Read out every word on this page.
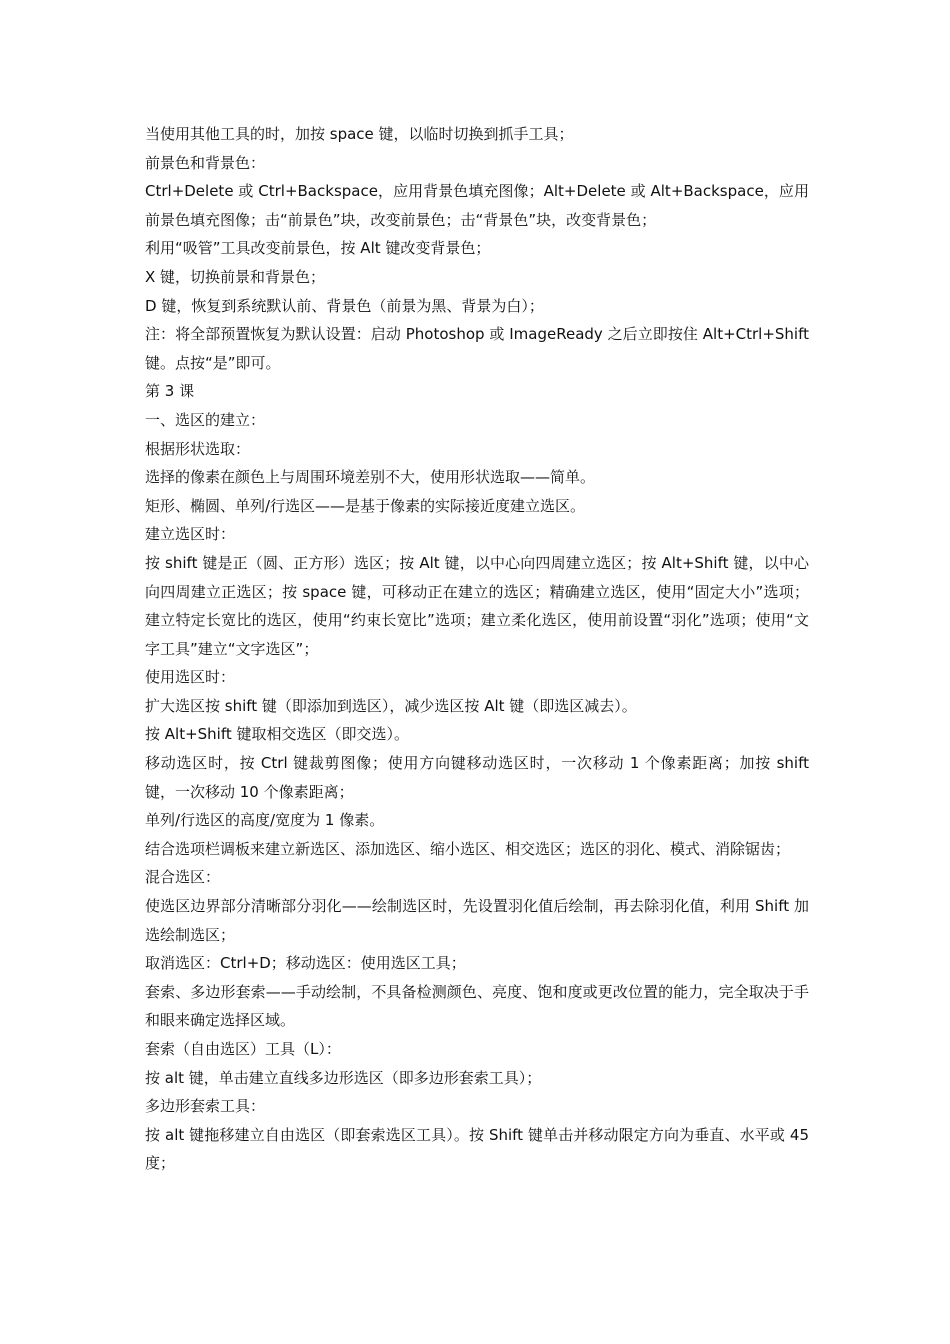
当使用其他工具的时，加按 space 键，以临时切换到抓手工具；

前景色和背景色：

Ctrl+Delete 或 Ctrl+Backspace，应用背景色填充图像；Alt+Delete 或 Alt+Backspace，应用前景色填充图像；击“前景色”块，改变前景色；击“背景色”块，改变背景色；

利用“吸管”工具改变前景色，按 Alt 键改变背景色；

X 键，切换前景和背景色；

D 键，恢复到系统默认前、背景色（前景为黑、背景为白）；

注：将全部预置恢复为默认设置：启动 Photoshop 或 ImageReady 之后立即按住 Alt+Ctrl+Shift 键。点按“是”即可。

第 3 课

一、选区的建立：

根据形状选取：

选择的像素在颜色上与周围环境差别不大，使用形状选取——简单。

矩形、椭圆、单列/行选区——是基于像素的实际接近度建立选区。

建立选区时：

按 shift 键是正（圆、正方形）选区；按 Alt 键，以中心向四周建立选区；按 Alt+Shift 键，以中心向四周建立正选区；按 space 键，可移动正在建立的选区；精确建立选区，使用“固定大小”选项；建立特定长宽比的选区，使用“约束长宽比”选项；建立柔化选区，使用前设置“羽化”选项；使用“文字工具”建立“文字选区”；

使用选区时：

扩大选区按 shift 键（即添加到选区），减少选区按 Alt 键（即选区减去）。

按 Alt+Shift 键取相交选区（即交选）。

移动选区时，按 Ctrl 键裁剪图像；使用方向键移动选区时，一次移动 1 个像素距离；加按 shift 键，一次移动 10 个像素距离；

单列/行选区的高度/宽度为 1 像素。

结合选项栏调板来建立新选区、添加选区、缩小选区、相交选区；选区的羽化、模式、消除锯齿；

混合选区：

使选区边界部分清晰部分羽化——绘制选区时，先设置羽化值后绘制，再去除羽化值，利用 Shift 加选绘制选区；

取消选区：Ctrl+D；移动选区：使用选区工具；

套索、多边形套索——手动绘制，不具备检测颜色、亮度、饱和度或更改位置的能力，完全取决于手和眼来确定选择区域。

套索（自由选区）工具（L）：

按 alt 键，单击建立直线多边形选区（即多边形套索工具）；

多边形套索工具：

按 alt 键拖移建立自由选区（即套索选区工具）。按 Shift 键单击并移动限定方向为垂直、水平或 45 度；
